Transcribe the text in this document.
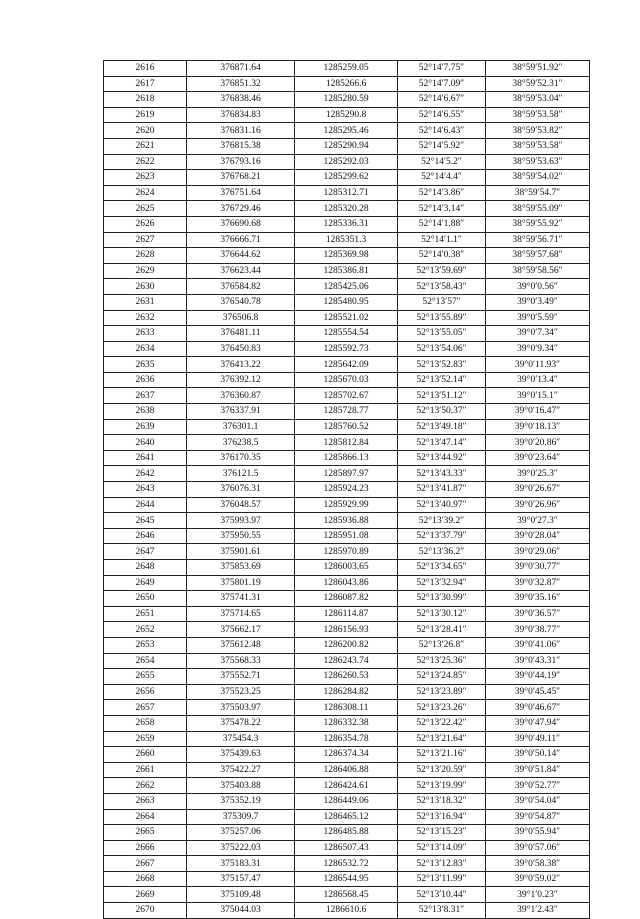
2616	376871.64	1285259.05	52°14′7.75″	38°59′51.92″
2617	376851.32	1285266.6	52°14′7.09″	38°59′52.31″
2618	376838.46	1285280.59	52°14′6.67″	38°59′53.04″
2619	376834.83	1285290.8	52°14′6.55″	38°59′53.58″
2620	376831.16	1285295.46	52°14′6.43″	38°59′53.82″
2621	376815.38	1285290.94	52°14′5.92″	38°59′53.58″
2622	376793.16	1285292.03	52°14′5.2″	38°59′53.63″
2623	376768.21	1285299.62	52°14′4.4″	38°59′54.02″
2624	376751.64	1285312.71	52°14′3.86″	38°59′54.7″
2625	376729.46	1285320.28	52°14′3.14″	38°59′55.09″
2626	376690.68	1285336.31	52°14′1.88″	38°59′55.92″
2627	376666.71	1285351.3	52°14′1.1″	38°59′56.71″
2628	376644.62	1285369.98	52°14′0.38″	38°59′57.68″
2629	376623.44	1285386.81	52°13′59.69″	38°59′58.56″
2630	376584.82	1285425.06	52°13′58.43″	39°0′0.56″
2631	376540.78	1285480.95	52°13′57″	39°0′3.49″
2632	376506.8	1285521.02	52°13′55.89″	39°0′5.59″
2633	376481.11	1285554.54	52°13′55.05″	39°0′7.34″
2634	376450.83	1285592.73	52°13′54.06″	39°0′9.34″
2635	376413.22	1285642.09	52°13′52.83″	39°0′11.93″
2636	376392.12	1285670.03	52°13′52.14″	39°0′13.4″
2637	376360.87	1285702.67	52°13′51.12″	39°0′15.1″
2638	376337.91	1285728.77	52°13′50.37″	39°0′16.47″
2639	376301.1	1285760.52	52°13′49.18″	39°0′18.13″
2640	376238.5	1285812.84	52°13′47.14″	39°0′20.86″
2641	376170.35	1285866.13	52°13′44.92″	39°0′23.64″
2642	376121.5	1285897.97	52°13′43.33″	39°0′25.3″
2643	376076.31	1285924.23	52°13′41.87″	39°0′26.67″
2644	376048.57	1285929.99	52°13′40.97″	39°0′26.96″
2645	375993.97	1285936.88	52°13′39.2″	39°0′27.3″
2646	375950.55	1285951.08	52°13′37.79″	39°0′28.04″
2647	375901.61	1285970.89	52°13′36.2″	39°0′29.06″
2648	375853.69	1286003.65	52°13′34.65″	39°0′30.77″
2649	375801.19	1286043.86	52°13′32.94″	39°0′32.87″
2650	375741.31	1286087.82	52°13′30.99″	39°0′35.16″
2651	375714.65	1286114.87	52°13′30.12″	39°0′36.57″
2652	375662.17	1286156.93	52°13′28.41″	39°0′38.77″
2653	375612.48	1286200.82	52°13′26.8″	39°0′41.06″
2654	375568.33	1286243.74	52°13′25.36″	39°0′43.31″
2655	375552.71	1286260.53	52°13′24.85″	39°0′44.19″
2656	375523.25	1286284.82	52°13′23.89″	39°0′45.45″
2657	375503.97	1286308.11	52°13′23.26″	39°0′46.67″
2658	375478.22	1286332.38	52°13′22.42″	39°0′47.94″
2659	375454.3	1286354.78	52°13′21.64″	39°0′49.11″
2660	375439.63	1286374.34	52°13′21.16″	39°0′50.14″
2661	375422.27	1286406.88	52°13′20.59″	39°0′51.84″
2662	375403.88	1286424.61	52°13′19.99″	39°0′52.77″
2663	375352.19	1286449.06	52°13′18.32″	39°0′54.04″
2664	375309.7	1286465.12	52°13′16.94″	39°0′54.87″
2665	375257.06	1286485.88	52°13′15.23″	39°0′55.94″
2666	375222.03	1286507.43	52°13′14.09″	39°0′57.06″
2667	375183.31	1286532.72	52°13′12.83″	39°0′58.38″
2668	375157.47	1286544.95	52°13′11.99″	39°0′59.02″
2669	375109.48	1286568.45	52°13′10.44″	39°1′0.23″
2670	375044.03	1286610.6	52°13′8.31″	39°1′2.43″
